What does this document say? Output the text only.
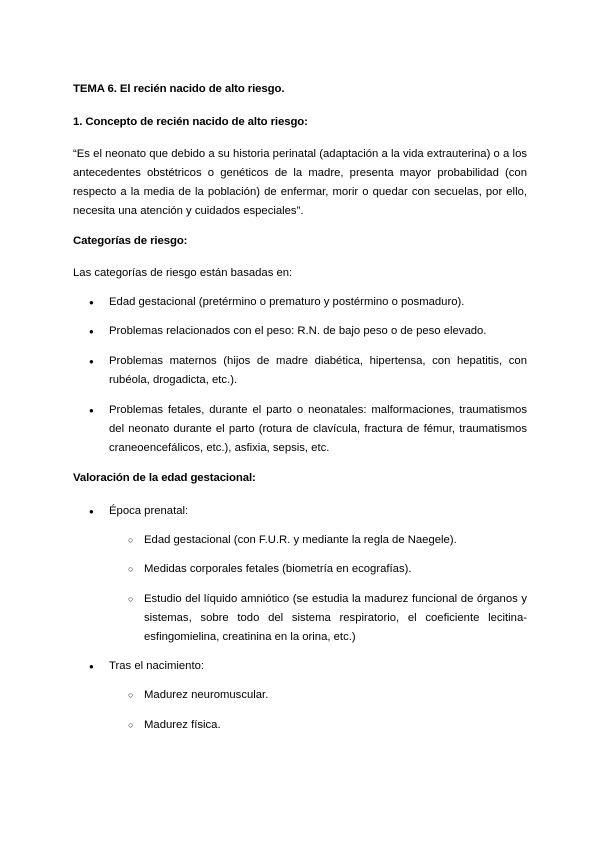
TEMA 6. El recién nacido de alto riesgo.
1. Concepto de recién nacido de alto riesgo:
“Es el neonato que debido a su historia perinatal (adaptación a la vida extrauterina) o a los antecedentes obstétricos o genéticos de la madre, presenta mayor probabilidad (con respecto a la media de la población) de enfermar, morir o quedar con secuelas, por ello, necesita una atención y cuidados especiales”.
Categorías de riesgo:
Las categorías de riesgo están basadas en:
●	Edad gestacional (pretérmino o prematuro y postérmino o posmaduro).
●	Problemas relacionados con el peso: R.N. de bajo peso o de peso elevado.
●	Problemas maternos (hijos de madre diabética, hipertensa, con hepatitis, con rubéola, drogadicta, etc.).
●	Problemas fetales, durante el parto o neonatales: malformaciones, traumatismos del neonato durante el parto (rotura de clavícula, fractura de fémur, traumatismos craneoencefálicos, etc.), asfixia, sepsis, etc.
Valoración de la edad gestacional:
●	Época prenatal:
○ Edad gestacional (con F.U.R. y mediante la regla de Naegele).
○ Medidas corporales fetales (biometría en ecografías).
○ Estudio del líquido amniótico (se estudia la madurez funcional de órganos y sistemas, sobre todo del sistema respiratorio, el coeficiente lecitina-esfingomielina, creatinina en la orina, etc.)
●	Tras el nacimiento:
○ Madurez neuromuscular.
○ Madurez física.
